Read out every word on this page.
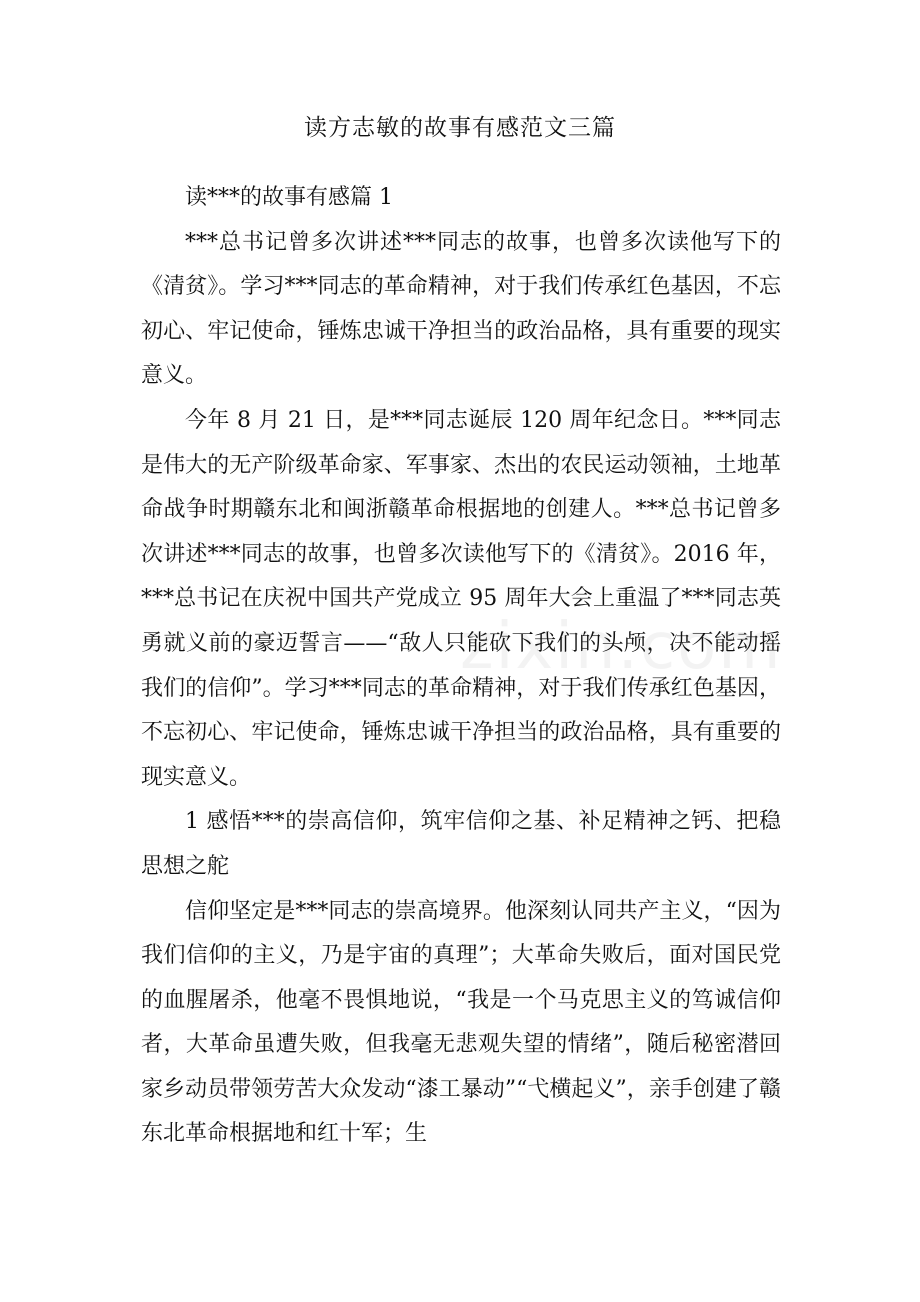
读方志敏的故事有感范文三篇

读***的故事有感篇 1

***总书记曾多次讲述***同志的故事，也曾多次读他写下的《清贫》。学习***同志的革命精神，对于我们传承红色基因，不忘初心、牢记使命，锤炼忠诚干净担当的政治品格，具有重要的现实意义。

今年 8 月 21 日，是***同志诞辰 120 周年纪念日。***同志是伟大的无产阶级革命家、军事家、杰出的农民运动领袖，土地革命战争时期赣东北和闽浙赣革命根据地的创建人。***总书记曾多次讲述***同志的故事，也曾多次读他写下的《清贫》。2016 年，***总书记在庆祝中国共产党成立 95 周年大会上重温了***同志英勇就义前的豪迈誓言——“敌人只能砍下我们的头颅，决不能动摇我们的信仰”。学习***同志的革命精神，对于我们传承红色基因，不忘初心、牢记使命，锤炼忠诚干净担当的政治品格，具有重要的现实意义。

1 感悟***的崇高信仰，筑牢信仰之基、补足精神之钙、把稳思想之舵

信仰坚定是***同志的崇高境界。他深刻认同共产主义，“因为我们信仰的主义，乃是宇宙的真理”；大革命失败后，面对国民党的血腥屠杀，他毫不畏惧地说，“我是一个马克思主义的笃诚信仰者，大革命虽遭失败，但我毫无悲观失望的情绪”，随后秘密潜回家乡动员带领劳苦大众发动“漆工暴动”“弋横起义”，亲手创建了赣东北革命根据地和红十军；生
